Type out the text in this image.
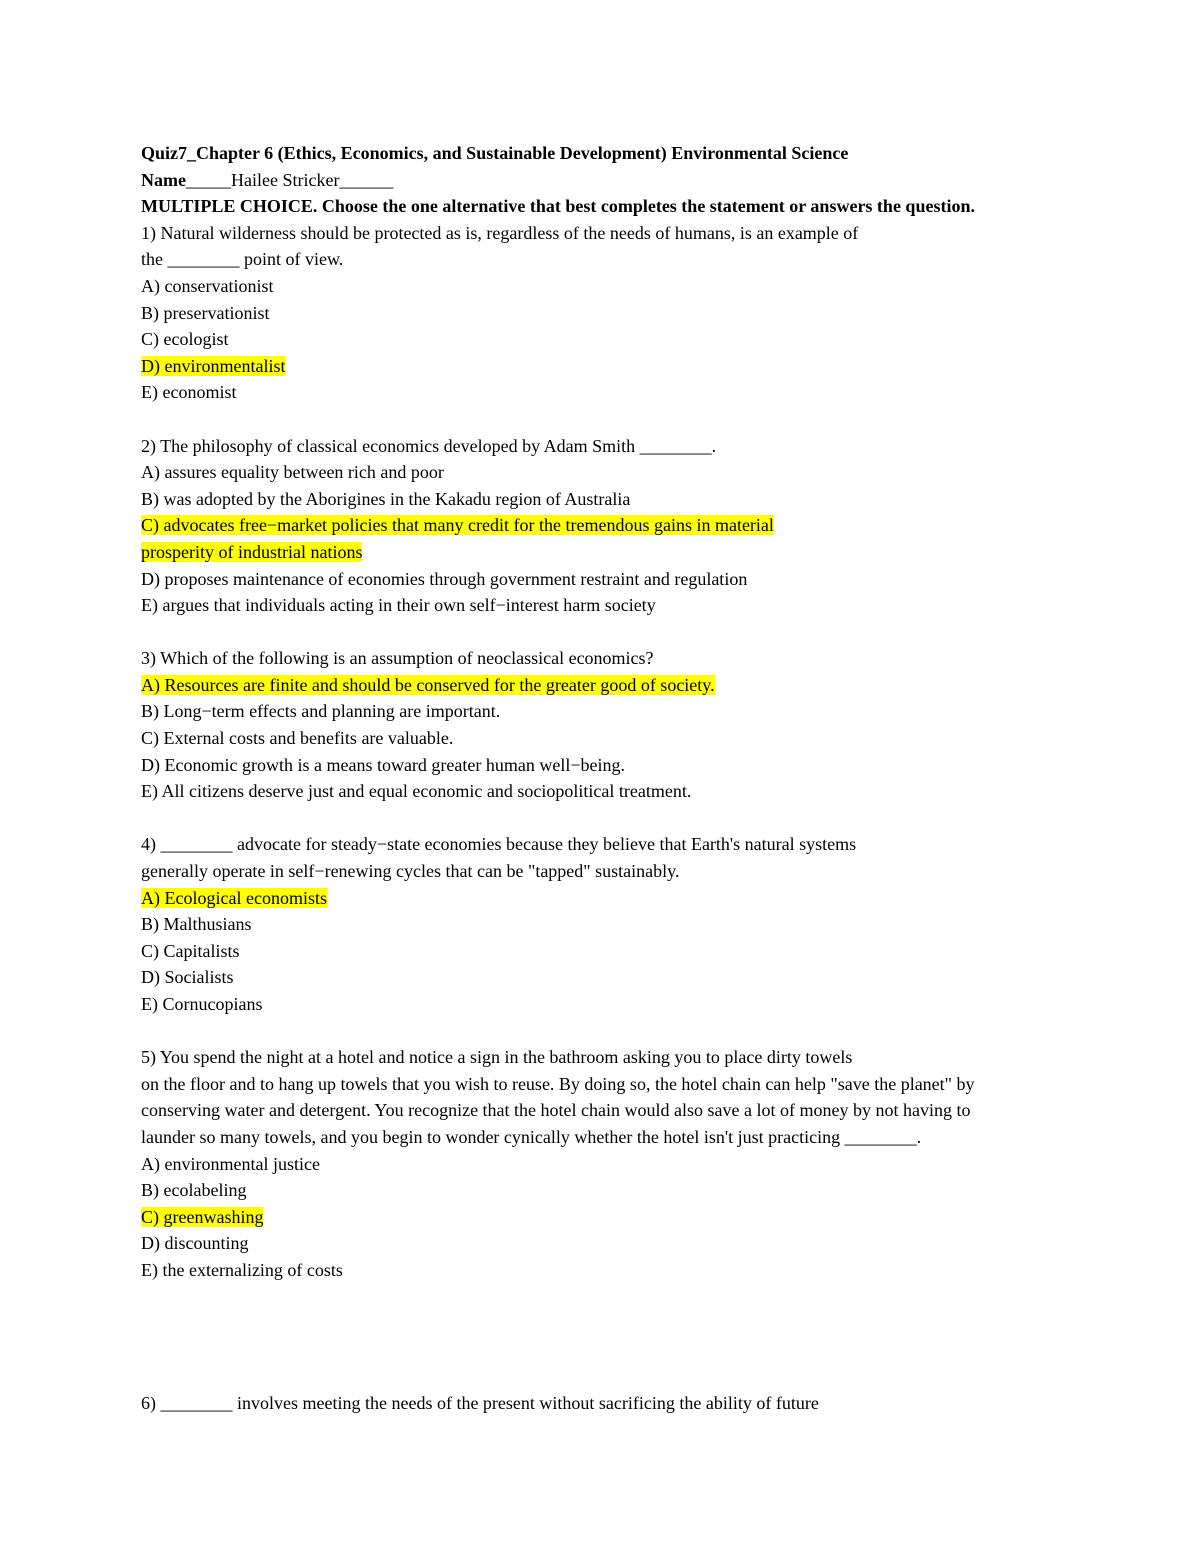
Quiz7_Chapter 6 (Ethics, Economics, and Sustainable Development) Environmental Science
Name_____Hailee Stricker______
MULTIPLE CHOICE. Choose the one alternative that best completes the statement or answers the question.
1) Natural wilderness should be protected as is, regardless of the needs of humans, is an example of
the ________ point of view.
A) conservationist
B) preservationist
C) ecologist
D) environmentalist
E) economist
2) The philosophy of classical economics developed by Adam Smith ________.
A) assures equality between rich and poor
B) was adopted by the Aborigines in the Kakadu region of Australia
C) advocates free−market policies that many credit for the tremendous gains in material
prosperity of industrial nations
D) proposes maintenance of economies through government restraint and regulation
E) argues that individuals acting in their own self−interest harm society
3) Which of the following is an assumption of neoclassical economics?
A) Resources are finite and should be conserved for the greater good of society.
B) Long−term effects and planning are important.
C) External costs and benefits are valuable.
D) Economic growth is a means toward greater human well−being.
E) All citizens deserve just and equal economic and sociopolitical treatment.
4) ________ advocate for steady−state economies because they believe that Earth's natural systems
generally operate in self−renewing cycles that can be "tapped" sustainably.
A) Ecological economists
B) Malthusians
C) Capitalists
D) Socialists
E) Cornucopians
5) You spend the night at a hotel and notice a sign in the bathroom asking you to place dirty towels
on the floor and to hang up towels that you wish to reuse. By doing so, the hotel chain can help "save the planet" by
conserving water and detergent. You recognize that the hotel chain would also save a lot of money by not having to
launder so many towels, and you begin to wonder cynically whether the hotel isn't just practicing ________.
A) environmental justice
B) ecolabeling
C) greenwashing
D) discounting
E) the externalizing of costs
6) ________ involves meeting the needs of the present without sacrificing the ability of future
